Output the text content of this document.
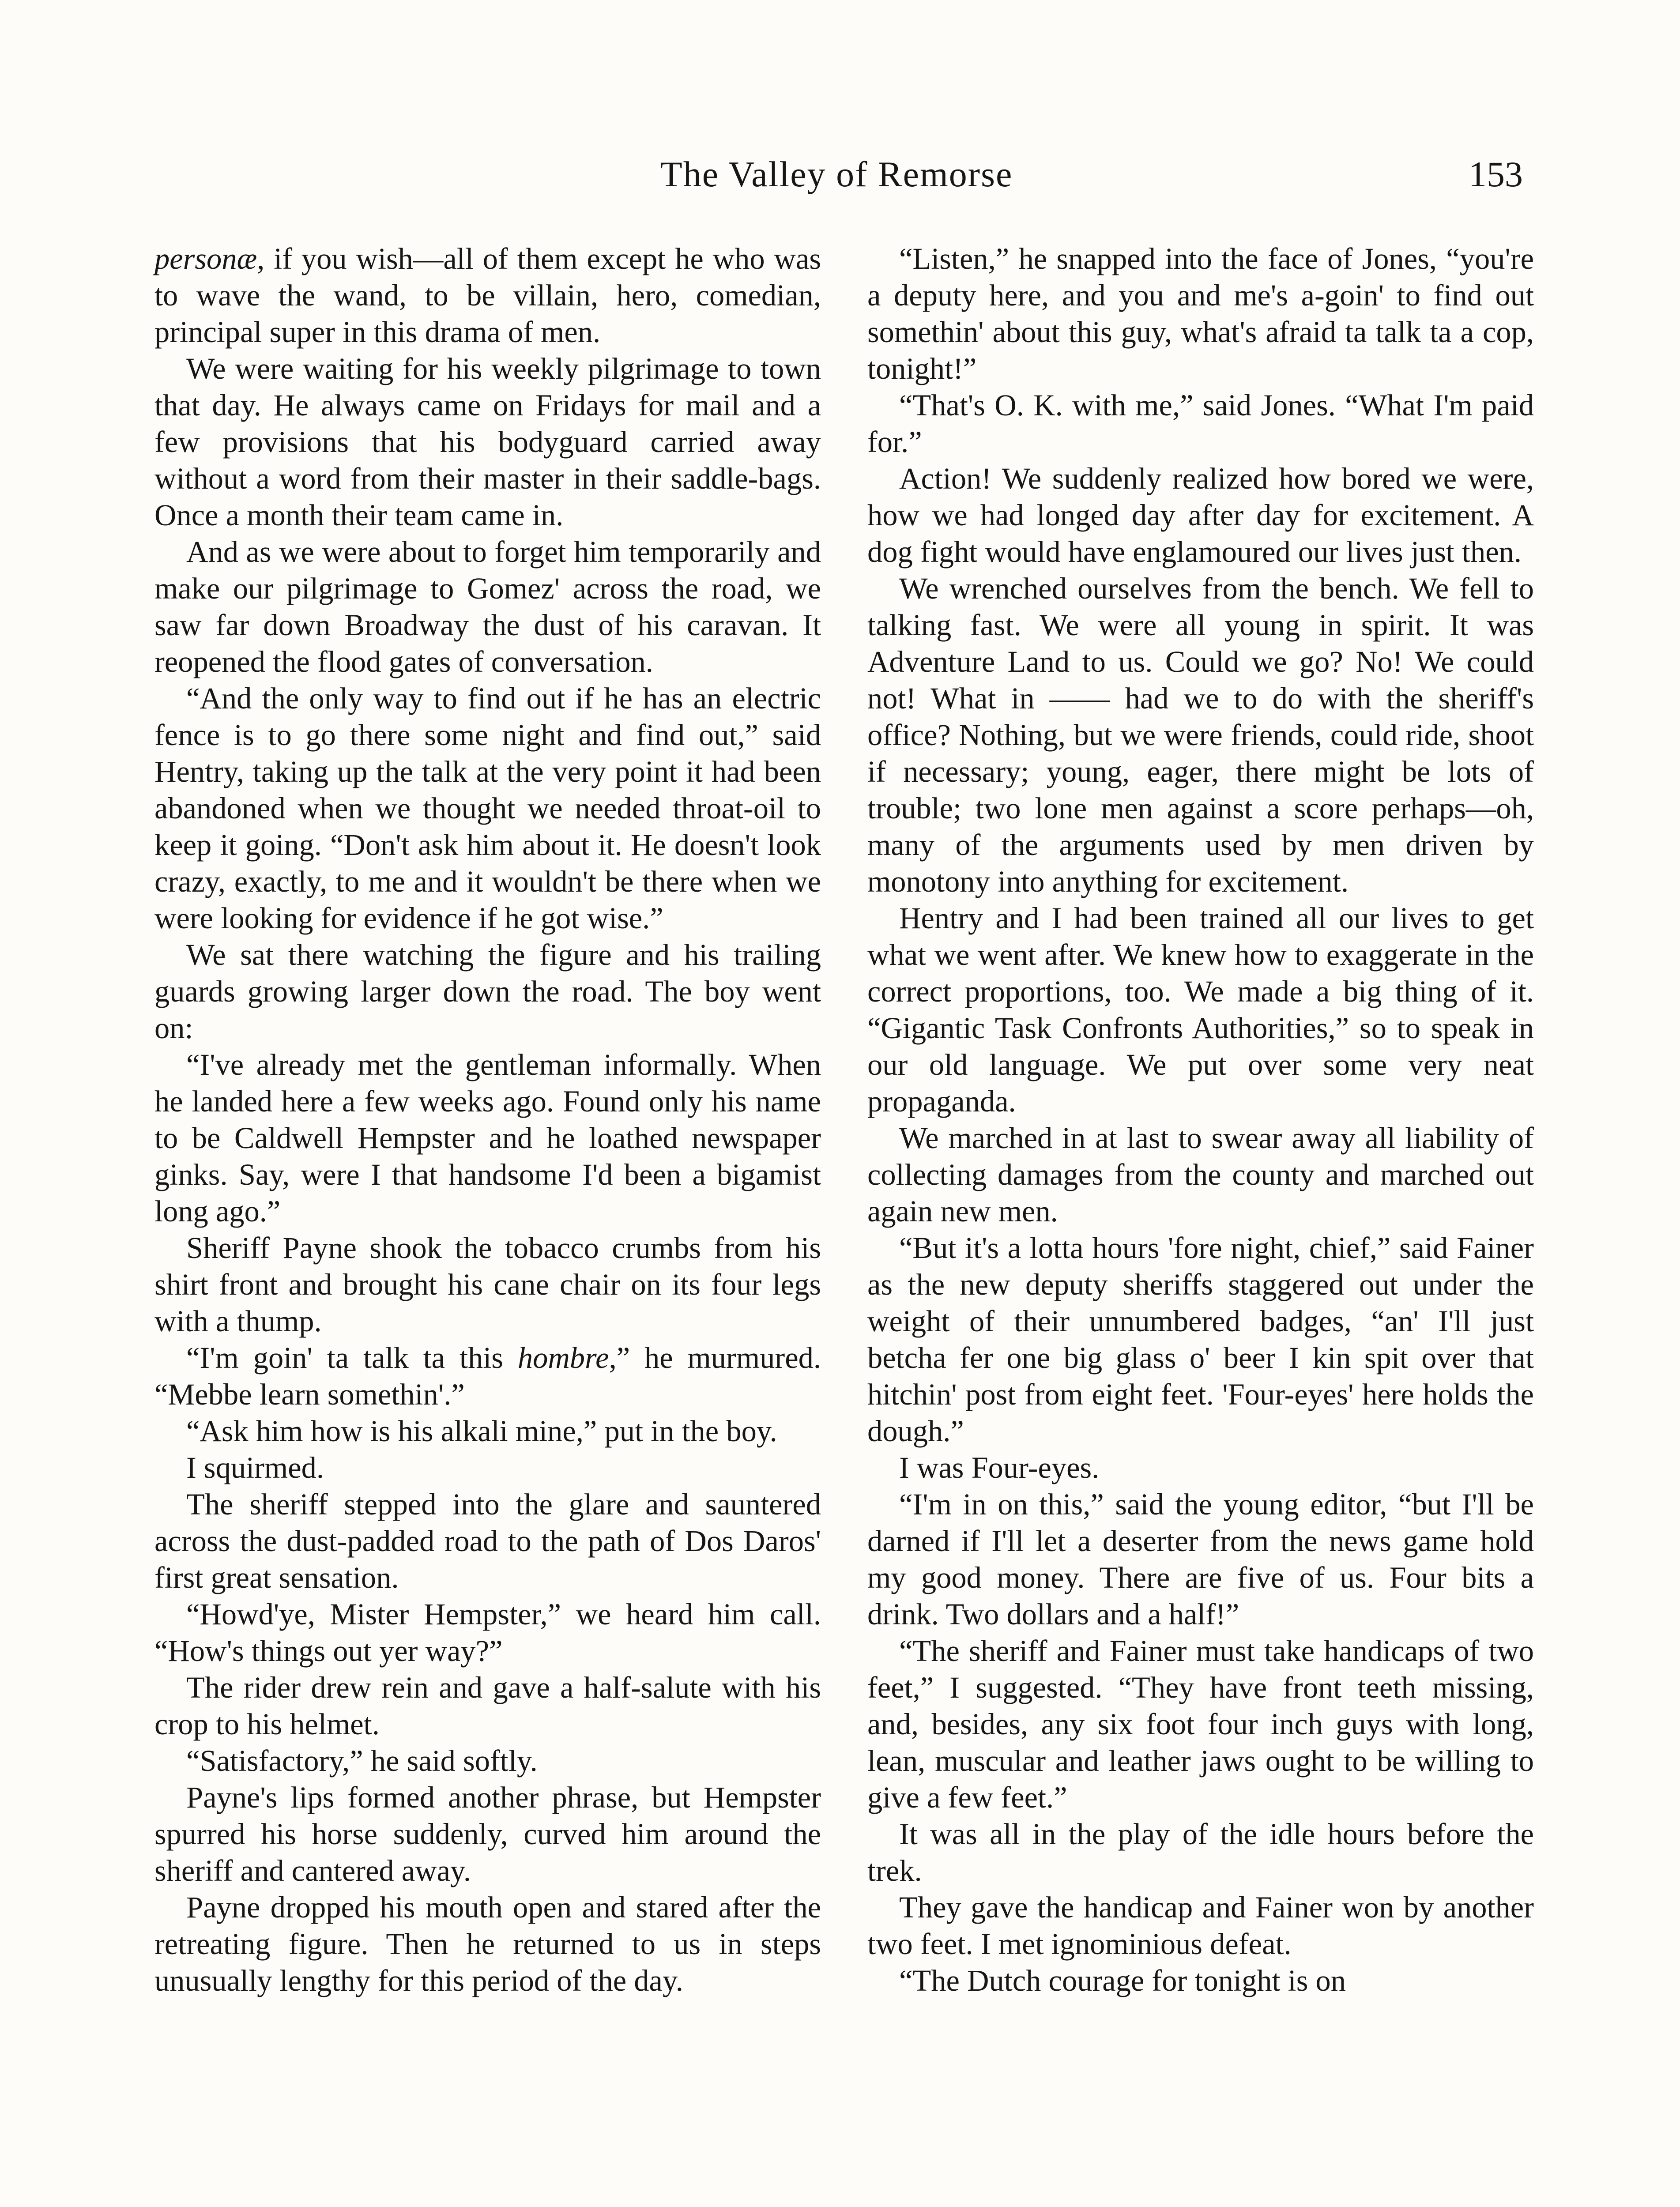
The Valley of Remorse	153

personæ, if you wish—all of them except he who was to wave the wand, to be villain, hero, comedian, principal super in this drama of men.

We were waiting for his weekly pilgrimage to town that day. He always came on Fridays for mail and a few provisions that his bodyguard carried away without a word from their master in their saddle-bags. Once a month their team came in.

And as we were about to forget him temporarily and make our pilgrimage to Gomez' across the road, we saw far down Broadway the dust of his caravan. It reopened the flood gates of conversation.

“And the only way to find out if he has an electric fence is to go there some night and find out,” said Hentry, taking up the talk at the very point it had been abandoned when we thought we needed throat-oil to keep it going. “Don't ask him about it. He doesn't look crazy, exactly, to me and it wouldn't be there when we were looking for evidence if he got wise.”

We sat there watching the figure and his trailing guards growing larger down the road. The boy went on:

“I've already met the gentleman informally. When he landed here a few weeks ago. Found only his name to be Caldwell Hempster and he loathed newspaper ginks. Say, were I that handsome I'd been a bigamist long ago.”

Sheriff Payne shook the tobacco crumbs from his shirt front and brought his cane chair on its four legs with a thump.

“I'm goin' ta talk ta this hombre,” he murmured. “Mebbe learn somethin'.”

“Ask him how is his alkali mine,” put in the boy.

I squirmed.

The sheriff stepped into the glare and sauntered across the dust-padded road to the path of Dos Daros' first great sensation.

“Howd'ye, Mister Hempster,” we heard him call. “How's things out yer way?”

The rider drew rein and gave a half-salute with his crop to his helmet.

“Satisfactory,” he said softly.

Payne's lips formed another phrase, but Hempster spurred his horse suddenly, curved him around the sheriff and cantered away.

Payne dropped his mouth open and stared after the retreating figure. Then he returned to us in steps unusually lengthy for this period of the day.

“Listen,” he snapped into the face of Jones, “you're a deputy here, and you and me's a-goin' to find out somethin' about this guy, what's afraid ta talk ta a cop, tonight!”

“That's O. K. with me,” said Jones. “What I'm paid for.”

Action! We suddenly realized how bored we were, how we had longed day after day for excitement. A dog fight would have englamoured our lives just then.

We wrenched ourselves from the bench. We fell to talking fast. We were all young in spirit. It was Adventure Land to us. Could we go? No! We could not! What in —— had we to do with the sheriff's office? Nothing, but we were friends, could ride, shoot if necessary; young, eager, there might be lots of trouble; two lone men against a score perhaps—oh, many of the arguments used by men driven by monotony into anything for excitement.

Hentry and I had been trained all our lives to get what we went after. We knew how to exaggerate in the correct proportions, too. We made a big thing of it. “Gigantic Task Confronts Authorities,” so to speak in our old language. We put over some very neat propaganda.

We marched in at last to swear away all liability of collecting damages from the county and marched out again new men.

“But it's a lotta hours 'fore night, chief,” said Fainer as the new deputy sheriffs staggered out under the weight of their unnumbered badges, “an' I'll just betcha fer one big glass o' beer I kin spit over that hitchin' post from eight feet. 'Four-eyes' here holds the dough.”

I was Four-eyes.

“I'm in on this,” said the young editor, “but I'll be darned if I'll let a deserter from the news game hold my good money. There are five of us. Four bits a drink. Two dollars and a half!”

“The sheriff and Fainer must take handicaps of two feet,” I suggested. “They have front teeth missing, and, besides, any six foot four inch guys with long, lean, muscular and leather jaws ought to be willing to give a few feet.”

It was all in the play of the idle hours before the trek.

They gave the handicap and Fainer won by another two feet. I met ignominious defeat.

“The Dutch courage for tonight is on
